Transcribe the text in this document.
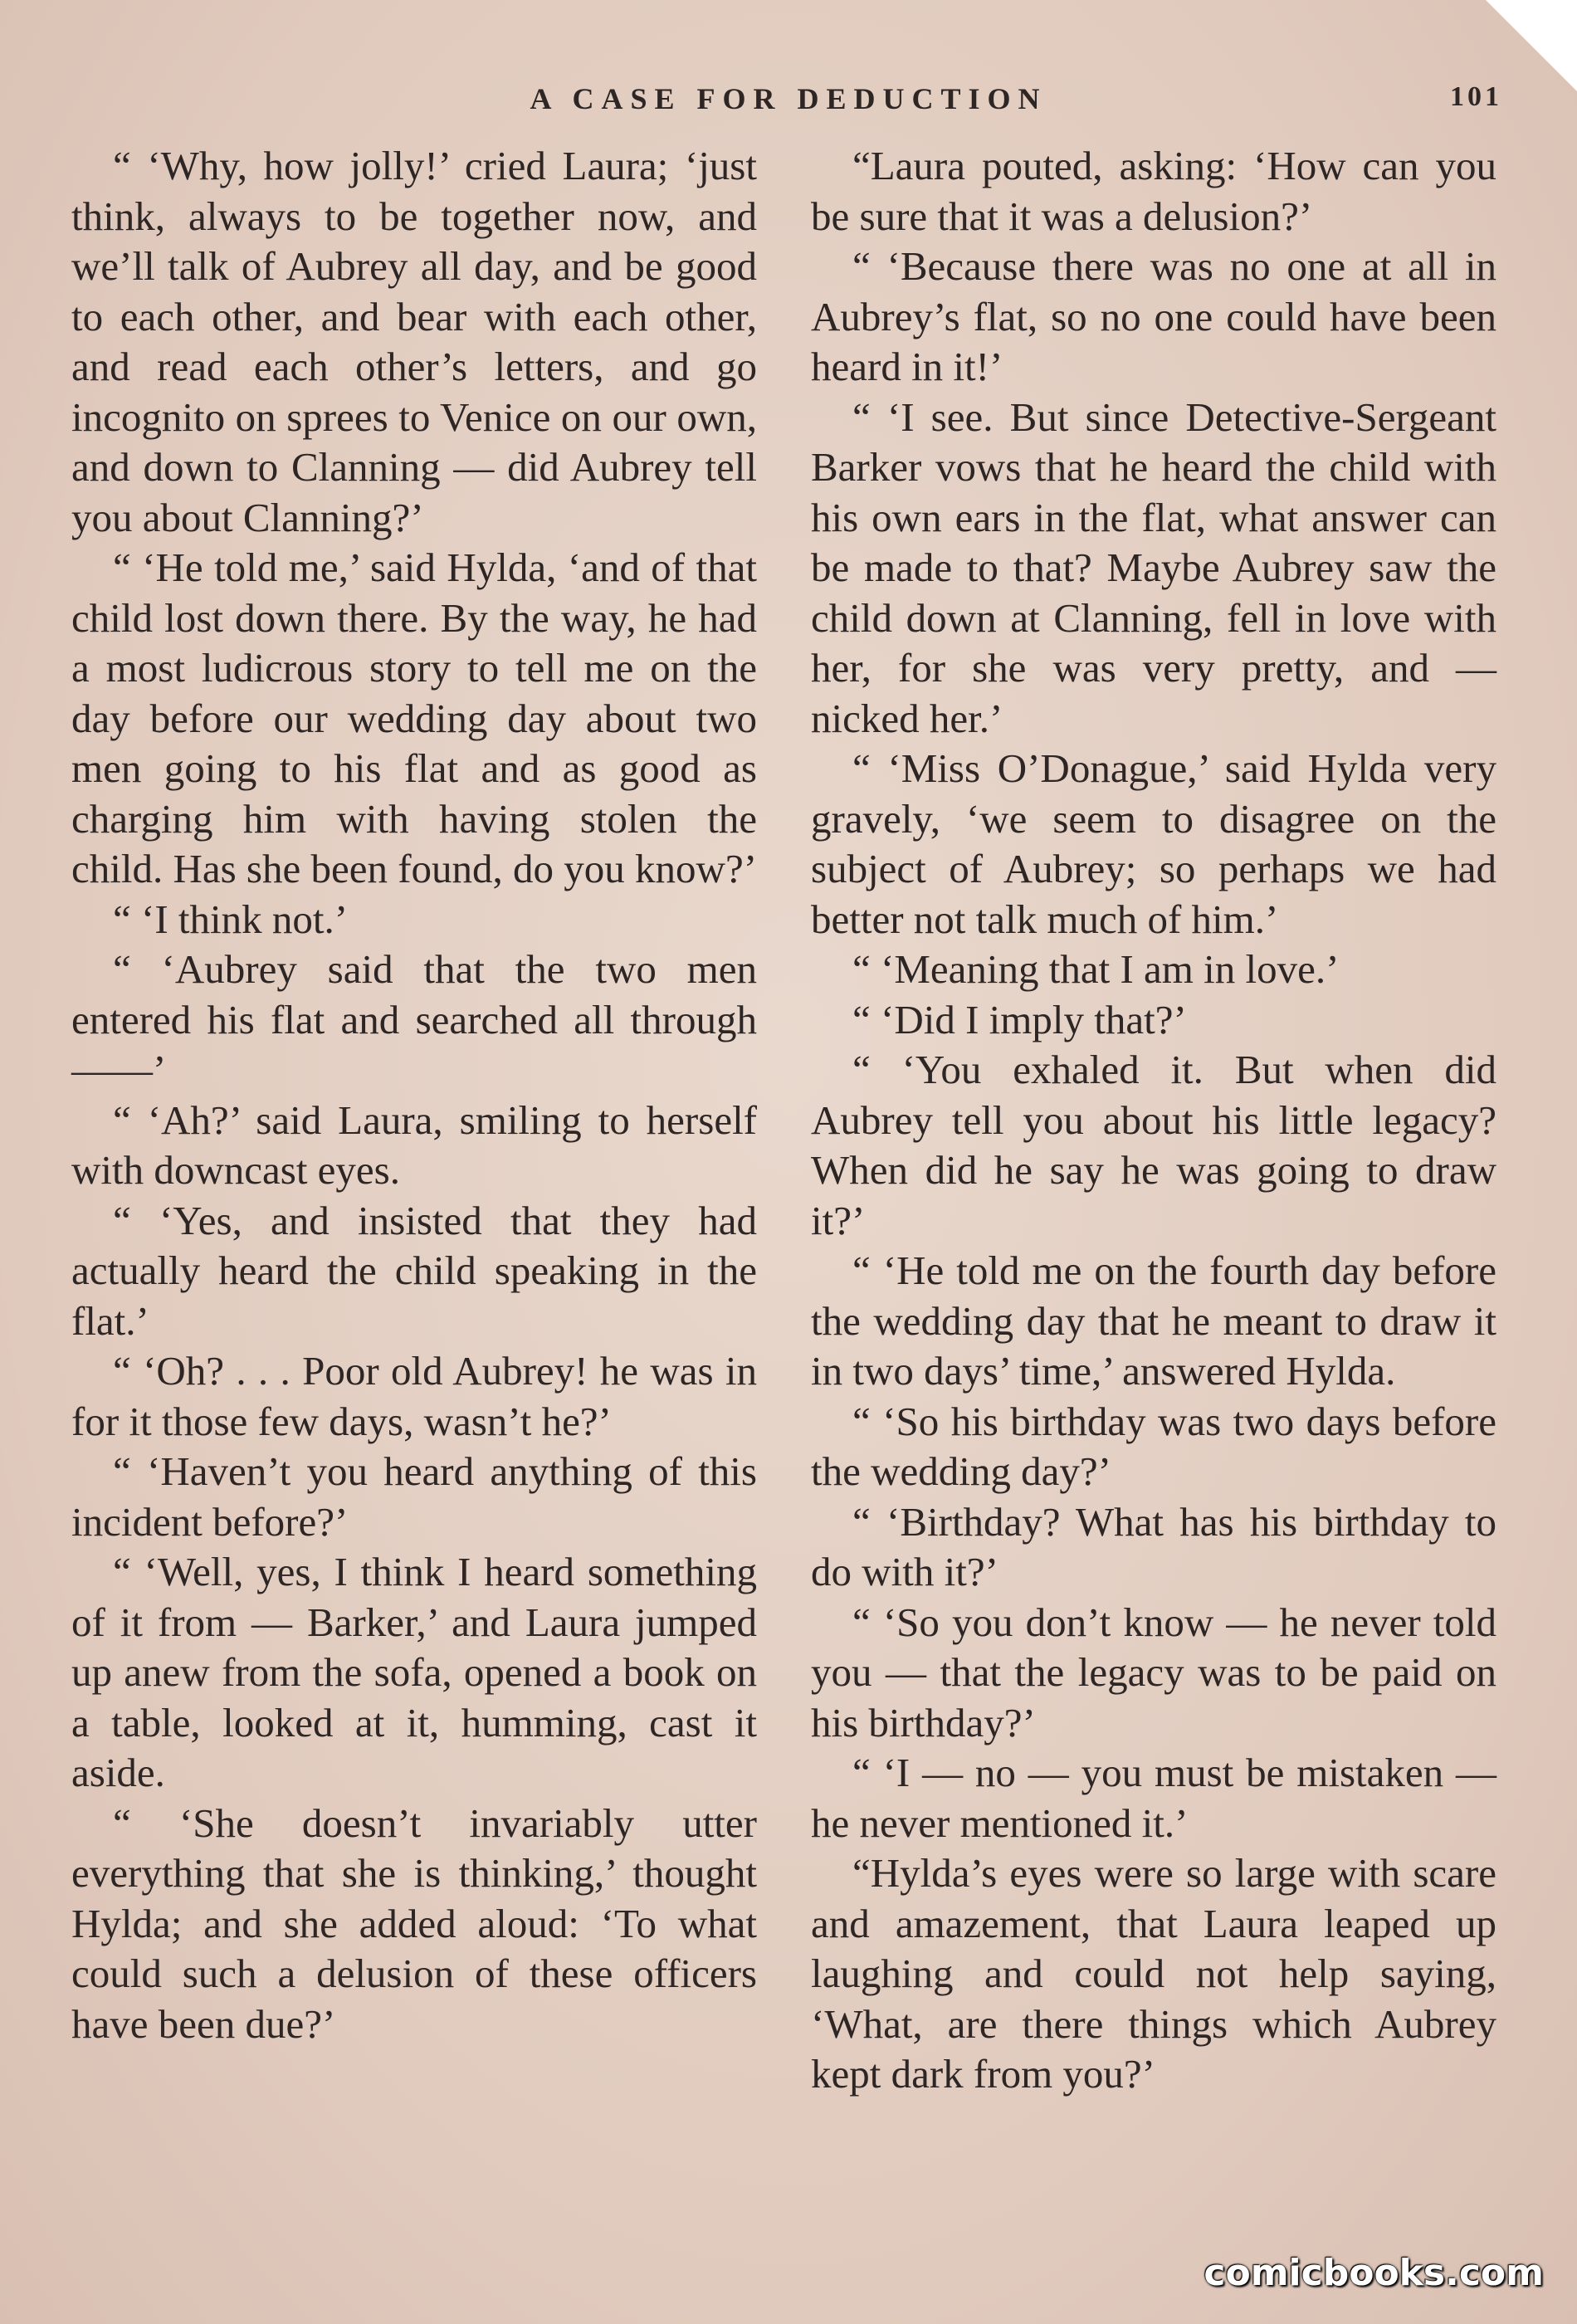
A CASE FOR DEDUCTION	101

“ ‘Why, how jolly!’ cried Laura; ‘just think, always to be together now, and we’ll talk of Aubrey all day, and be good to each other, and bear with each other, and read each other’s letters, and go incognito on sprees to Venice on our own, and down to Clanning — did Aubrey tell you about Clanning?’

“ ‘He told me,’ said Hylda, ‘and of that child lost down there. By the way, he had a most ludicrous story to tell me on the day before our wedding day about two men going to his flat and as good as charging him with having stolen the child. Has she been found, do you know?’

“ ‘I think not.’

“ ‘Aubrey said that the two men entered his flat and searched all through ——’

“ ‘Ah?’ said Laura, smiling to herself with downcast eyes.

“ ‘Yes, and insisted that they had actually heard the child speaking in the flat.’

“ ‘Oh? . . . Poor old Aubrey! he was in for it those few days, wasn’t he?’

“ ‘Haven’t you heard anything of this incident before?’

“ ‘Well, yes, I think I heard something of it from — Barker,’ and Laura jumped up anew from the sofa, opened a book on a table, looked at it, humming, cast it aside.

“ ‘She doesn’t invariably utter everything that she is thinking,’ thought Hylda; and she added aloud: ‘To what could such a delusion of these officers have been due?’

“Laura pouted, asking: ‘How can you be sure that it was a delusion?’

“ ‘Because there was no one at all in Aubrey’s flat, so no one could have been heard in it!’

“ ‘I see. But since Detective-Sergeant Barker vows that he heard the child with his own ears in the flat, what answer can be made to that? Maybe Aubrey saw the child down at Clanning, fell in love with her, for she was very pretty, and — nicked her.’

“ ‘Miss O’Donague,’ said Hylda very gravely, ‘we seem to disagree on the subject of Aubrey; so perhaps we had better not talk much of him.’

“ ‘Meaning that I am in love.’

“ ‘Did I imply that?’

“ ‘You exhaled it. But when did Aubrey tell you about his little legacy? When did he say he was going to draw it?’

“ ‘He told me on the fourth day before the wedding day that he meant to draw it in two days’ time,’ answered Hylda.

“ ‘So his birthday was two days before the wedding day?’

“ ‘Birthday? What has his birthday to do with it?’

“ ‘So you don’t know — he never told you — that the legacy was to be paid on his birthday?’

“ ‘I — no — you must be mistaken — he never mentioned it.’

“Hylda’s eyes were so large with scare and amazement, that Laura leaped up laughing and could not help saying, ‘What, are there things which Aubrey kept dark from you?’

comicbooks.com
